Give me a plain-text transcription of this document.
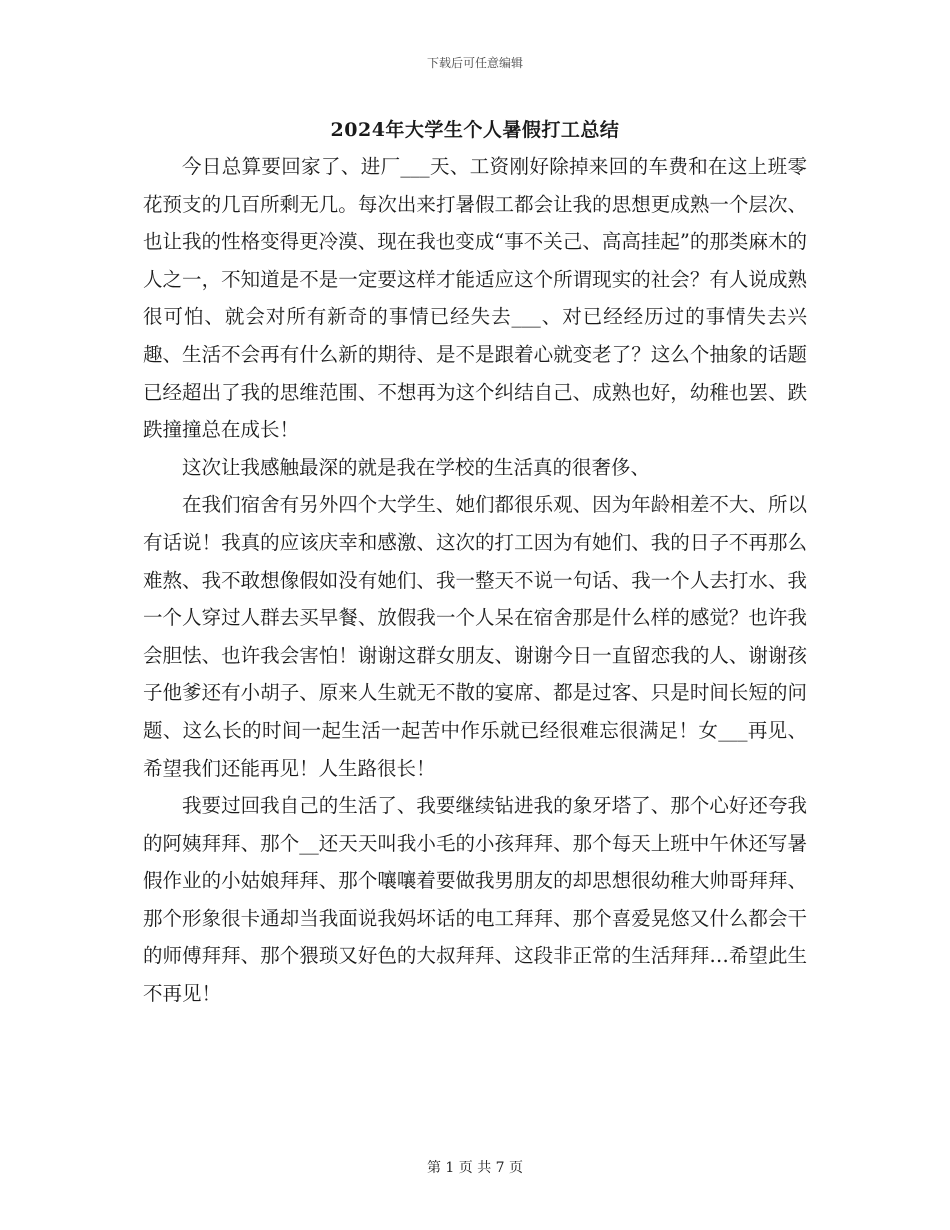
下载后可任意编辑
2024年大学生个人暑假打工总结

今日总算要回家了、进厂___天、工资刚好除掉来回的车费和在这上班零花预支的几百所剩无几。每次出来打暑假工都会让我的思想更成熟一个层次、也让我的性格变得更冷漠、现在我也变成“事不关己、高高挂起”的那类麻木的人之一，不知道是不是一定要这样才能适应这个所谓现实的社会？有人说成熟很可怕、就会对所有新奇的事情已经失去___、对已经经历过的事情失去兴趣、生活不会再有什么新的期待、是不是跟着心就变老了？这么个抽象的话题已经超出了我的思维范围、不想再为这个纠结自己、成熟也好，幼稚也罢、跌跌撞撞总在成长！

这次让我感触最深的就是我在学校的生活真的很奢侈、

在我们宿舍有另外四个大学生、她们都很乐观、因为年龄相差不大、所以有话说！我真的应该庆幸和感激、这次的打工因为有她们、我的日子不再那么难熬、我不敢想像假如没有她们、我一整天不说一句话、我一个人去打水、我一个人穿过人群去买早餐、放假我一个人呆在宿舍那是什么样的感觉？也许我会胆怯、也许我会害怕！谢谢这群女朋友、谢谢今日一直留恋我的人、谢谢孩子他爹还有小胡子、原来人生就无不散的宴席、都是过客、只是时间长短的问题、这么长的时间一起生活一起苦中作乐就已经很难忘很满足！女___再见、希望我们还能再见！人生路很长！

我要过回我自己的生活了、我要继续钻进我的象牙塔了、那个心好还夸我的阿姨拜拜、那个__还天天叫我小毛的小孩拜拜、那个每天上班中午休还写暑假作业的小姑娘拜拜、那个嚷嚷着要做我男朋友的却思想很幼稚大帅哥拜拜、那个形象很卡通却当我面说我妈坏话的电工拜拜、那个喜爱晃悠又什么都会干的师傅拜拜、那个猥琐又好色的大叔拜拜、这段非正常的生活拜拜…希望此生不再见！

第 1 页 共 7 页
